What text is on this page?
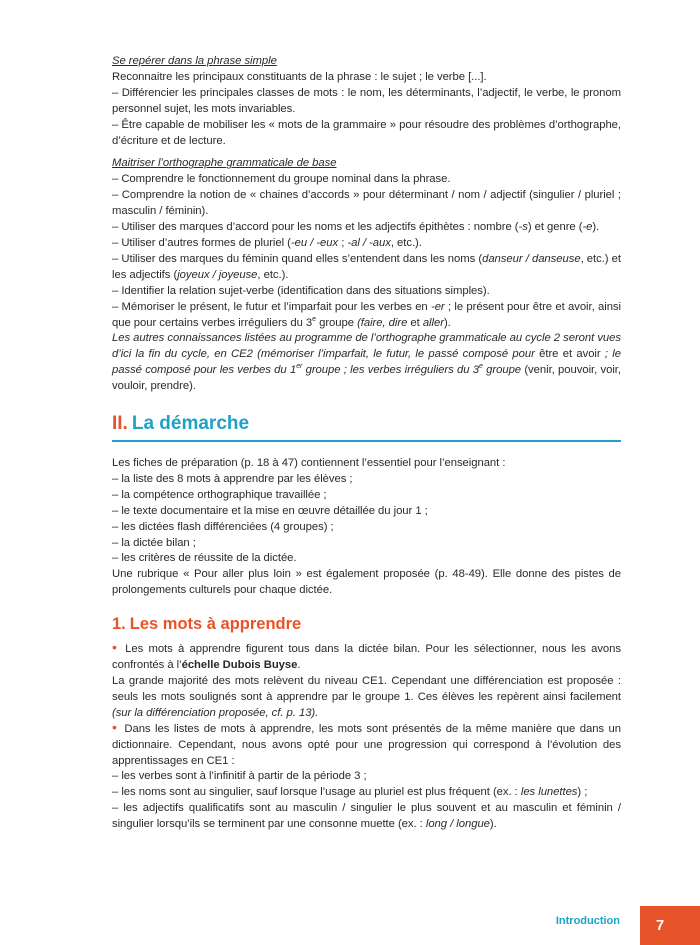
Se repérer dans la phrase simple

Reconnaitre les principaux constituants de la phrase : le sujet ; le verbe [...].

– Différencier les principales classes de mots : le nom, les déterminants, l’adjectif, le verbe, le pronom personnel sujet, les mots invariables.

– Être capable de mobiliser les « mots de la grammaire » pour résoudre des problèmes d’orthographe, d’écriture et de lecture.

Maitriser l’orthographe grammaticale de base

– Comprendre le fonctionnement du groupe nominal dans la phrase.

– Comprendre la notion de « chaines d’accords » pour déterminant / nom / adjectif (singulier / pluriel ; masculin / féminin).

– Utiliser des marques d’accord pour les noms et les adjectifs épithètes : nombre (-s) et genre (-e).

– Utiliser d’autres formes de pluriel (-eu / -eux ; -al / -aux, etc.).

– Utiliser des marques du féminin quand elles s’entendent dans les noms (danseur / danseuse, etc.) et les adjectifs (joyeux / joyeuse, etc.).

– Identifier la relation sujet-verbe (identification dans des situations simples).

– Mémoriser le présent, le futur et l’imparfait pour les verbes en -er ; le présent pour être et avoir, ainsi que pour certains verbes irréguliers du 3e groupe (faire, dire et aller).

Les autres connaissances listées au programme de l’orthographe grammaticale au cycle 2 seront vues d’ici la fin du cycle, en CE2 (mémoriser l’imparfait, le futur, le passé composé pour être et avoir ; le passé composé pour les verbes du 1er groupe ; les verbes irréguliers du 3e groupe (venir, pouvoir, voir, vouloir, prendre).

II. La démarche

Les fiches de préparation (p. 18 à 47) contiennent l’essentiel pour l’enseignant :

– la liste des 8 mots à apprendre par les élèves ;

– la compétence orthographique travaillée ;

– le texte documentaire et la mise en œuvre détaillée du jour 1 ;

– les dictées flash différenciées (4 groupes) ;

– la dictée bilan ;

– les critères de réussite de la dictée.

Une rubrique « Pour aller plus loin » est également proposée (p. 48-49). Elle donne des pistes de prolongements culturels pour chaque dictée.

1. Les mots à apprendre

• Les mots à apprendre figurent tous dans la dictée bilan. Pour les sélectionner, nous les avons confrontés à l’échelle Dubois Buyse.

La grande majorité des mots relèvent du niveau CE1. Cependant une différenciation est proposée : seuls les mots soulignés sont à apprendre par le groupe 1. Ces élèves les repèrent ainsi facilement (sur la différenciation proposée, cf. p. 13).

• Dans les listes de mots à apprendre, les mots sont présentés de la même manière que dans un dictionnaire. Cependant, nous avons opté pour une progression qui correspond à l’évolution des apprentissages en CE1 :

– les verbes sont à l’infinitif à partir de la période 3 ;

– les noms sont au singulier, sauf lorsque l’usage au pluriel est plus fréquent (ex. : les lunettes) ;

– les adjectifs qualificatifs sont au masculin / singulier le plus souvent et au masculin et féminin / singulier lorsqu’ils se terminent par une consonne muette (ex. : long / longue).

Introduction 7
